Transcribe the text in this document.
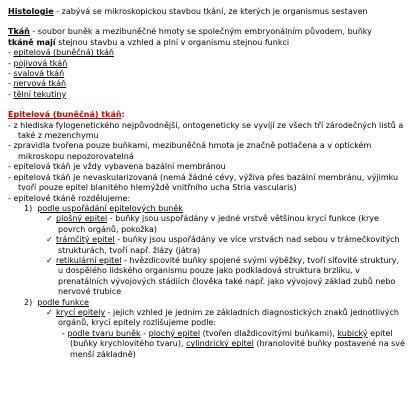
Histologie - zabývá se mikroskopickou stavbou tkání, ze kterých je organismus sestaven

Tkáň - soubor buněk a mezibuněčné hmoty se společným embryonálním původem, buňky
tkáně mají stejnou stavbu a vzhled a plní v organismu stejnou funkci

- epitelová (buněčná) tkáň
- pojivová tkáň
- svalová tkáň
- nervová tkáň
- tělní tekutiny

Epitelová (buněčná) tkáň:

- z hlediska fylogenetického nejpůvodnější, ontogeneticky se vyvíjí ze všech tří zárodečných listů a také z mezenchymu

- zpravidla tvořena pouze buňkami, mezibuněčná hmota je značně potlačena a v optickém mikroskopu nepozorovatelná

- epitelová tkáň je vždy vybavena bazální membránou

- epitelová tkáň je nevaskularizovaná (nemá žádné cévy, výživa přes bazální membránu, výjimku tvoří pouze epitel blanitého hlemýždě vnitřního ucha Stria vascularis)

- epitelové tkáně rozdělujeme:

1) podle uspořádání epitelových buněk

✓ plošný epitel - buňky jsou uspořádány v jedné vrstvě většinou krycí funkce (krye povrch orgánů, pokožka)

✓ trámčitý epitel - buňky jsou uspořádány ve více vrstvách nad sebou v trámečkovitých strukturách, tvoří např. žlázy (játra)

✓ retikulární epitel - hvězdicovité buňky spojené svými výběžky, tvoří síťovité struktury, u dospělého lidského organismu pouze jako podkladová struktura brzlíku, v prenatálních vývojových stádiích člověka také např. jako vývojový základ zubů nebo nervové trubice

2) podle funkce

✓ krycí epitely - jejich vzhled je jedním ze základních diagnostických znaků jednotlivých orgánů, krycí epitely rozlišujeme podle:

- podle tvaru buněk - plochý epitel (tvořen dlaždicovitými buňkami), kubický epitel (buňky krychlovitého tvaru), cylindrický epitel (hranolovité buňky postavené na své menší základně)
